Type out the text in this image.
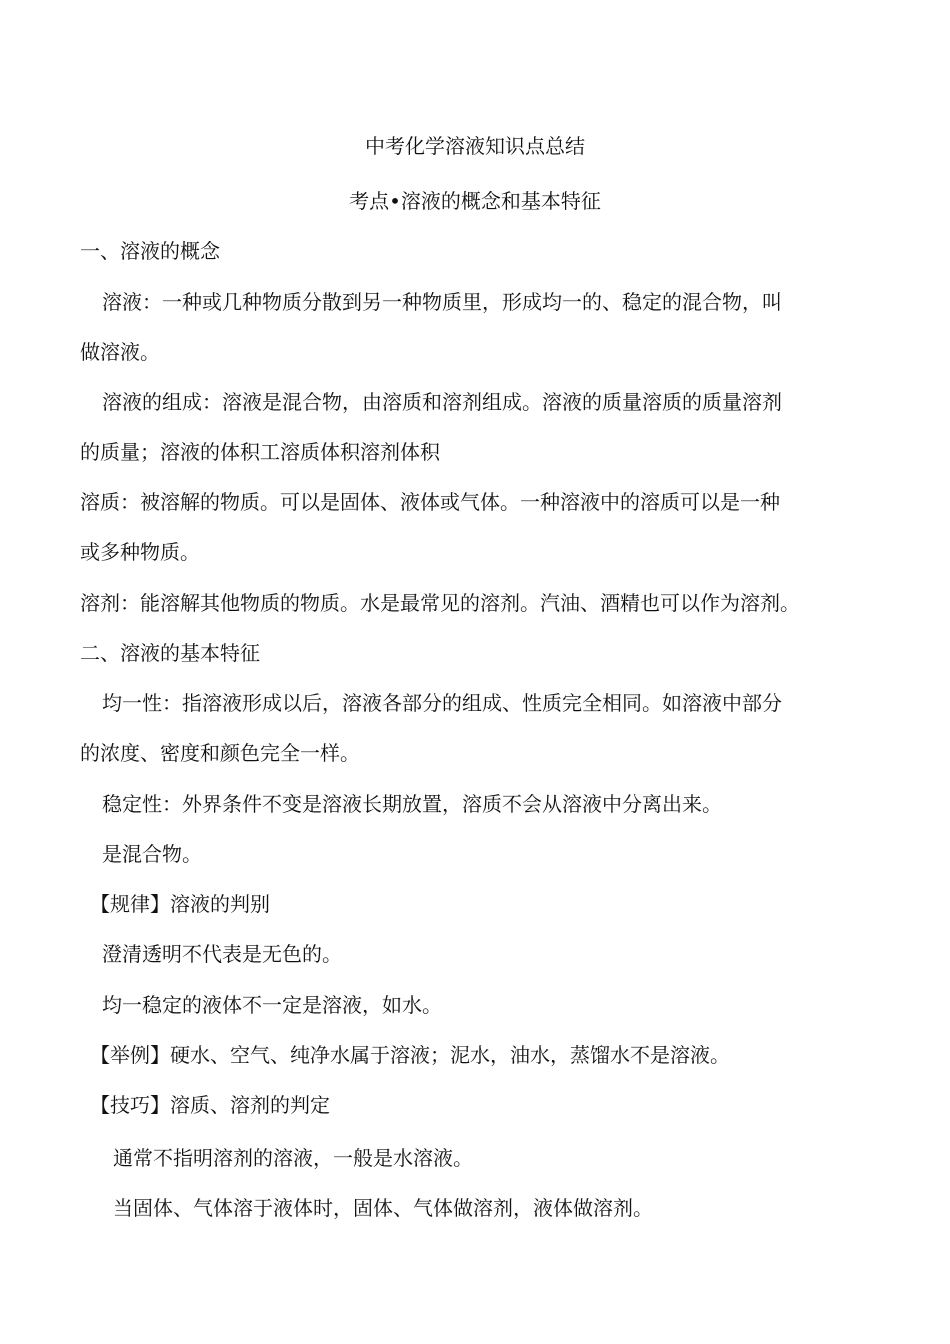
中考化学溶液知识点总结
考点•溶液的概念和基本特征
一、溶液的概念
溶液：一种或几种物质分散到另一种物质里，形成均一的、稳定的混合物，叫
做溶液。
溶液的组成：溶液是混合物，由溶质和溶剂组成。溶液的质量溶质的质量溶剂
的质量；溶液的体积工溶质体积溶剂体积
溶质：被溶解的物质。可以是固体、液体或气体。一种溶液中的溶质可以是一种
或多种物质。
溶剂：能溶解其他物质的物质。水是最常见的溶剂。汽油、酒精也可以作为溶剂。
二、溶液的基本特征
均一性：指溶液形成以后，溶液各部分的组成、性质完全相同。如溶液中部分
的浓度、密度和颜色完全一样。
稳定性：外界条件不变是溶液长期放置，溶质不会从溶液中分离出来。
是混合物。
【规律】溶液的判别
澄清透明不代表是无色的。
均一稳定的液体不一定是溶液，如水。
【举例】硬水、空气、纯净水属于溶液；泥水，油水，蒸馏水不是溶液。
【技巧】溶质、溶剂的判定
通常不指明溶剂的溶液，一般是水溶液。
当固体、气体溶于液体时，固体、气体做溶剂，液体做溶剂。
